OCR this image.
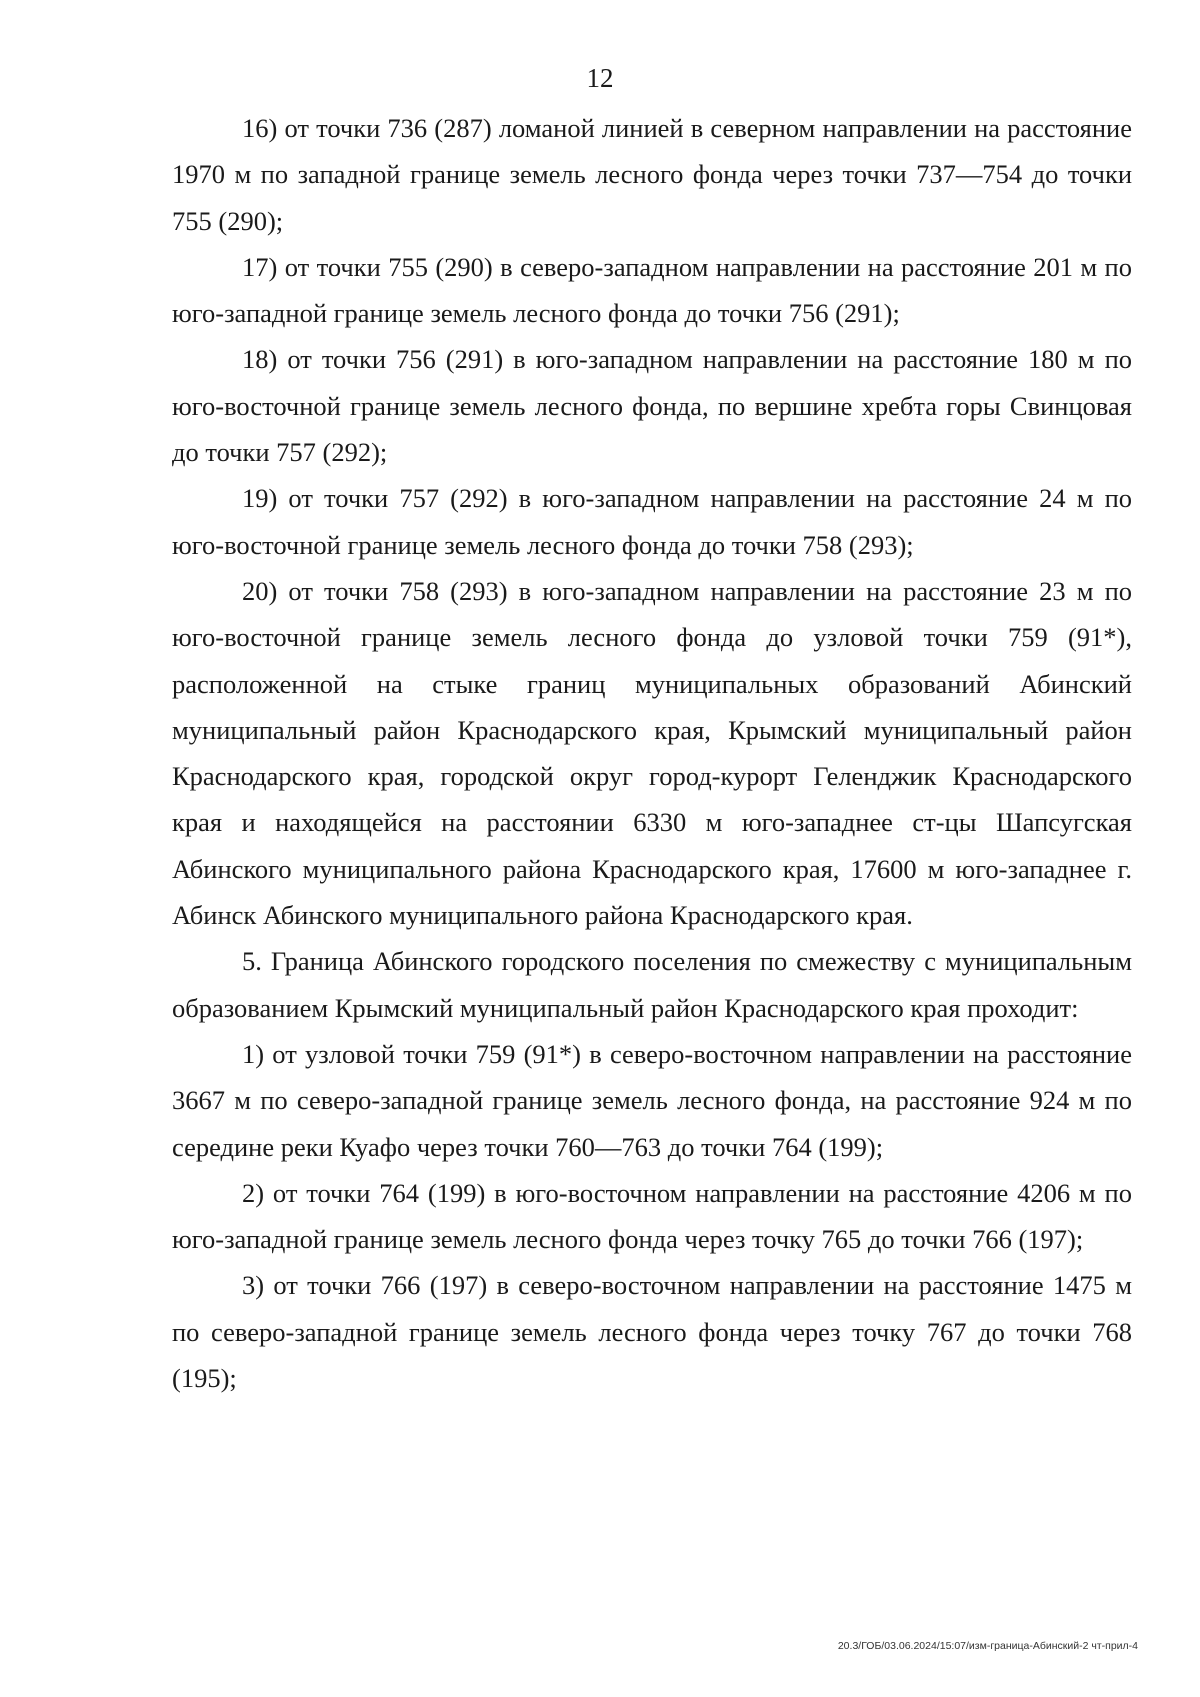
12

16) от точки 736 (287) ломаной линией в северном направлении на расстояние 1970 м по западной границе земель лесного фонда через точки 737—754 до точки 755 (290);

17) от точки 755 (290) в северо-западном направлении на расстояние 201 м по юго-западной границе земель лесного фонда до точки 756 (291);

18) от точки 756 (291) в юго-западном направлении на расстояние 180 м по юго-восточной границе земель лесного фонда, по вершине хребта горы Свинцовая до точки 757 (292);

19) от точки 757 (292) в юго-западном направлении на расстояние 24 м по юго-восточной границе земель лесного фонда до точки 758 (293);

20) от точки 758 (293) в юго-западном направлении на расстояние 23 м по юго-восточной границе земель лесного фонда до узловой точки 759 (91*), расположенной на стыке границ муниципальных образований Абинский муниципальный район Краснодарского края, Крымский муниципальный район Краснодарского края, городской округ город-курорт Геленджик Краснодарского края и находящейся на расстоянии 6330 м юго-западнее ст-цы Шапсугская Абинского муниципального района Краснодарского края, 17600 м юго-западнее г. Абинск Абинского муниципального района Краснодарского края.

5. Граница Абинского городского поселения по смежеству с муниципальным образованием Крымский муниципальный район Краснодарского края проходит:

1) от узловой точки 759 (91*) в северо-восточном направлении на расстояние 3667 м по северо-западной границе земель лесного фонда, на расстояние 924 м по середине реки Куафо через точки 760—763 до точки 764 (199);

2) от точки 764 (199) в юго-восточном направлении на расстояние 4206 м по юго-западной границе земель лесного фонда через точку 765 до точки 766 (197);

3) от точки 766 (197) в северо-восточном направлении на расстояние 1475 м по северо-западной границе земель лесного фонда через точку 767 до точки 768 (195);

20.3/ГОБ/03.06.2024/15:07/изм-граница-Абинский-2 чт-прил-4
